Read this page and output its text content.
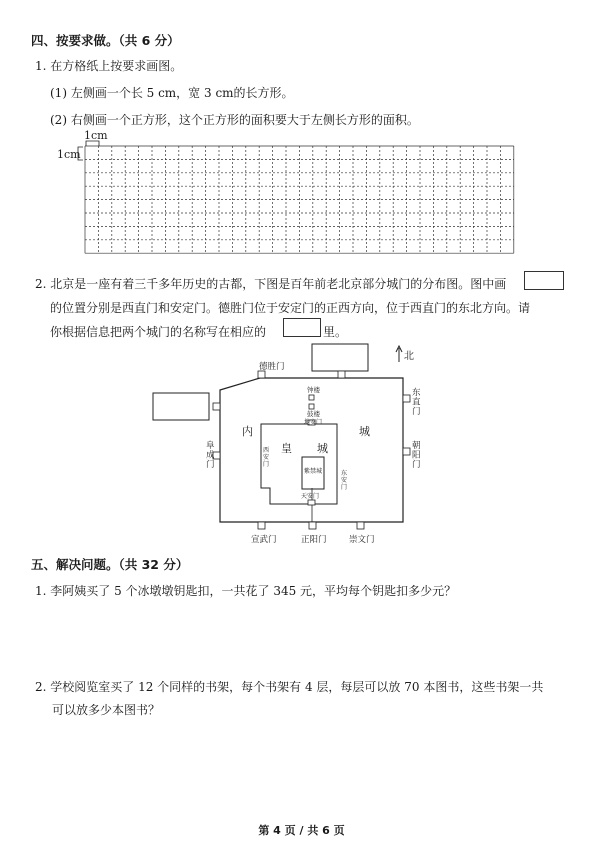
四、按要求做。（共 6 分）
1. 在方格纸上按要求画图。
(1) 左侧画一个长 5 cm，宽 3 cm的长方形。
(2) 右侧画一个正方形，这个正方形的面积要大于左侧长方形的面积。
1cm
1cm
2. 北京是一座有着三千多年历史的古都，下图是百年前老北京部分城门的分布图。图中画
的位置分别是西直门和安定门。德胜门位于安定门的正西方向，位于西直门的东北方向。请
你根据信息把两个城门的名称写在相应的	里。
北
德胜门
钟楼
鼓楼
地安门
天安门
紫禁城
内	城
皇 城
宣武门	正阳门	崇文门
东直门
朝阳门
阜成门
西安门
东安门
五、解决问题。（共 32 分）
1. 李阿姨买了 5 个冰墩墩钥匙扣，一共花了 345 元，平均每个钥匙扣多少元？
2. 学校阅览室买了 12 个同样的书架，每个书架有 4 层，每层可以放 70 本图书，这些书架一共
可以放多少本图书？
第 4 页 / 共 6 页
